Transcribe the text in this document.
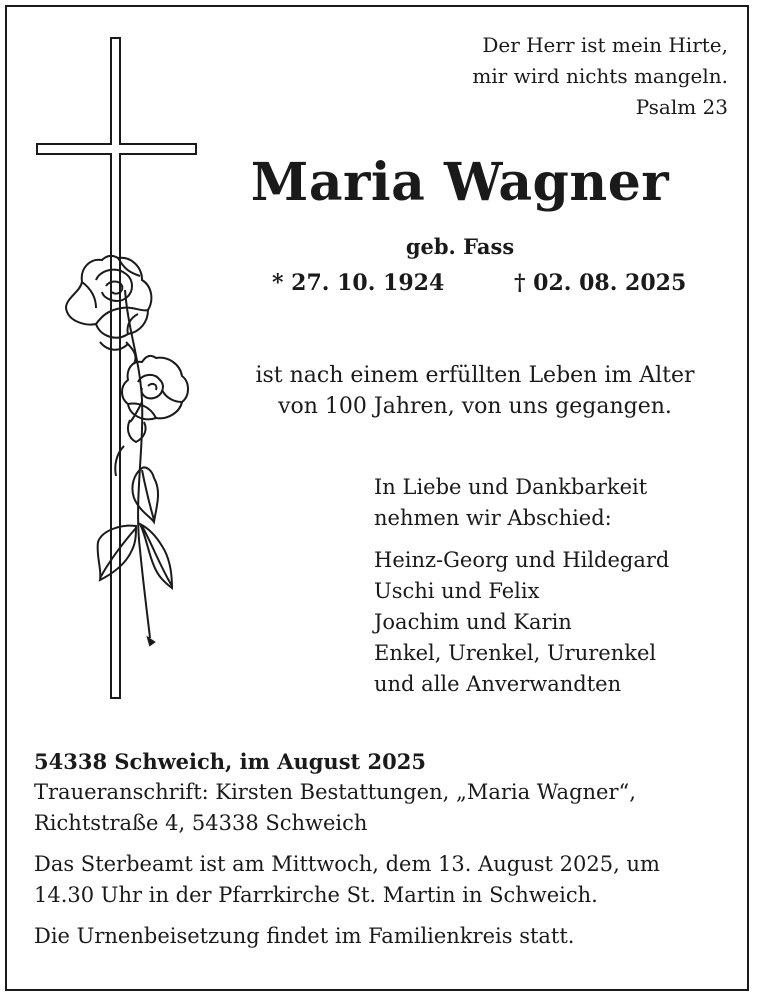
Der Herr ist mein Hirte,
mir wird nichts mangeln.
Psalm 23
Maria Wagner
geb. Fass
* 27. 10. 1924	† 02. 08. 2025
ist nach einem erfüllten Leben im Alter
von 100 Jahren, von uns gegangen.
In Liebe und Dankbarkeit
nehmen wir Abschied:
Heinz-Georg und Hildegard
Uschi und Felix
Joachim und Karin
Enkel, Urenkel, Ururenkel
und alle Anverwandten

54338 Schweich, im August 2025

Traueranschrift: Kirsten Bestattungen, „Maria Wagner“,

Richtstraße 4, 54338 Schweich

Das Sterbeamt ist am Mittwoch, dem 13. August 2025, um

14.30 Uhr in der Pfarrkirche St. Martin in Schweich.

Die Urnenbeisetzung findet im Familienkreis statt.
